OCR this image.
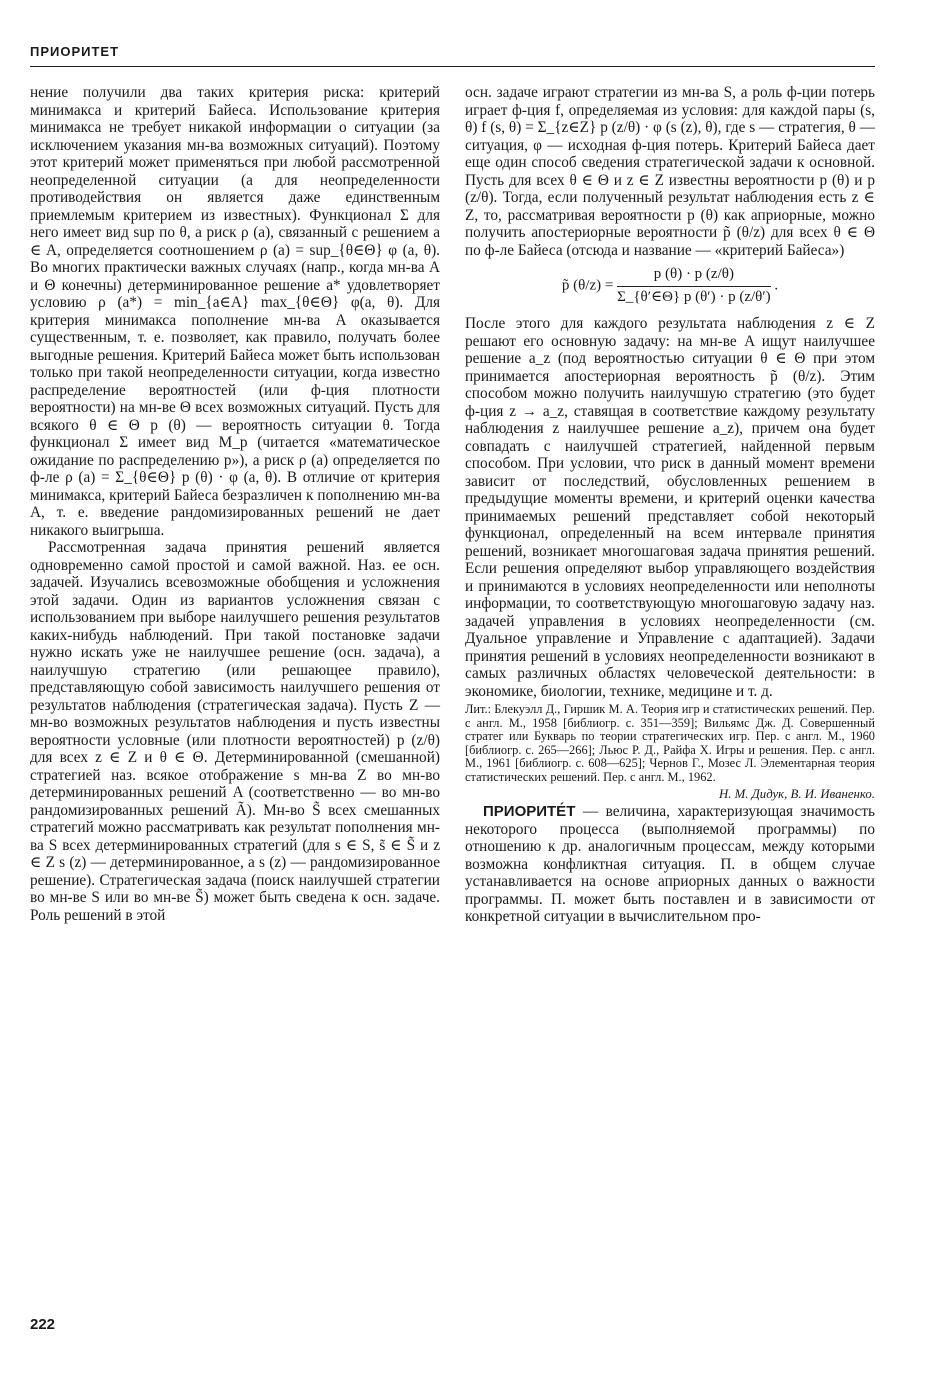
ПРИОРИТЕТ

нение получили два таких критерия риска: критерий минимакса и критерий Байеса. Использование критерия минимакса не требует никакой информации о ситуации (за исключением указания мн-ва возможных ситуаций). Поэтому этот критерий может применяться при любой рассмотренной неопределенной ситуации (а для неопределенности противодействия он является даже единственным приемлемым критерием из известных). Функционал Σ для него имеет вид sup по θ, а риск ρ (a), связанный с решением a ∈ A, определяется соотношением ρ (a) = sup_{θ∈Θ} φ (a, θ). Во многих практически важных случаях (напр., когда мн-ва A и Θ конечны) детерминированное решение a* удовлетворяет условию ρ (a*) = min_{a∈A} max_{θ∈Θ} φ(a, θ). Для критерия минимакса пополнение мн-ва A оказывается существенным, т. е. позволяет, как правило, получать более выгодные решения. Критерий Байеса может быть использован только при такой неопределенности ситуации, когда известно распределение вероятностей (или ф-ция плотности вероятности) на мн-ве Θ всех возможных ситуаций. Пусть для всякого θ ∈ Θ p (θ) — вероятность ситуации θ. Тогда функционал Σ имеет вид M_p (читается «математическое ожидание по распределению p»), а риск ρ (a) определяется по ф-ле ρ (a) = Σ_{θ∈Θ} p (θ) · φ (a, θ). В отличие от критерия минимакса, критерий Байеса безразличен к пополнению мн-ва A, т. е. введение рандомизированных решений не дает никакого выигрыша.

Рассмотренная задача принятия решений является одновременно самой простой и самой важной. Наз. ее осн. задачей. Изучались всевозможные обобщения и усложнения этой задачи. Один из вариантов усложнения связан с использованием при выборе наилучшего решения результатов каких-нибудь наблюдений. При такой постановке задачи нужно искать уже не наилучшее решение (осн. задача), а наилучшую стратегию (или решающее правило), представляющую собой зависимость наилучшего решения от результатов наблюдения (стратегическая задача). Пусть Z — мн-во возможных результатов наблюдения и пусть известны вероятности условные (или плотности вероятностей) p (z/θ) для всех z ∈ Z и θ ∈ Θ. Детерминированной (смешанной) стратегией наз. всякое отображение s мн-ва Z во мн-во детерминированных решений A (соответственно — во мн-во рандомизированных решений Ã). Мн-во S̃ всех смешанных стратегий можно рассматривать как результат пополнения мн-ва S всех детерминированных стратегий (для s ∈ S, s̃ ∈ S̃ и z ∈ Z s (z) — детерминированное, а s (z) — рандомизированное решение). Стратегическая задача (поиск наилучшей стратегии во мн-ве S или во мн-ве S̃) может быть сведена к осн. задаче. Роль решений в этой

осн. задаче играют стратегии из мн-ва S, а роль ф-ции потерь играет ф-ция f, определяемая из условия: для каждой пары (s, θ) f (s, θ) = Σ_{z∈Z} p (z/θ) · φ (s (z), θ), где s — стратегия, θ — ситуация, φ — исходная ф-ция потерь. Критерий Байеса дает еще один способ сведения стратегической задачи к основной. Пусть для всех θ ∈ Θ и z ∈ Z известны вероятности p (θ) и p (z/θ). Тогда, если полученный результат наблюдения есть z ∈ Z, то, рассматривая вероятности p (θ) как априорные, можно получить апостериорные вероятности p̃ (θ/z) для всех θ ∈ Θ по ф-ле Байеса (отсюда и название — «критерий Байеса»)

p̃ $(\theta/z) = \frac{p (\theta) \cdot p (z/\theta)}{\Sigma\_\{\theta'\in\Theta\} p (\theta') \cdot p (z/\theta')}$ .

После этого для каждого результата наблюдения z ∈ Z решают его основную задачу: на мн-ве A ищут наилучшее решение a_z (под вероятностью ситуации θ ∈ Θ при этом принимается апостериорная вероятность p̃ (θ/z). Этим способом можно получить наилучшую стратегию (это будет ф-ция z → a_z, ставящая в соответствие каждому результату наблюдения z наилучшее решение a_z), причем она будет совпадать с наилучшей стратегией, найденной первым способом. При условии, что риск в данный момент времени зависит от последствий, обусловленных решением в предыдущие моменты времени, и критерий оценки качества принимаемых решений представляет собой некоторый функционал, определенный на всем интервале принятия решений, возникает многошаговая задача принятия решений. Если решения определяют выбор управляющего воздействия и принимаются в условиях неопределенности или неполноты информации, то соответствующую многошаговую задачу наз. задачей управления в условиях неопределенности (см. Дуальное управление и Управление с адаптацией). Задачи принятия решений в условиях неопределенности возникают в самых различных областях человеческой деятельности: в экономике, биологии, технике, медицине и т. д.

Лит.: Блекуэлл Д., Гиршик М. А. Теория игр и статистических решений. Пер. с англ. М., 1958 [библиогр. с. 351—359]; Вильямс Дж. Д. Совершенный стратег или Букварь по теории стратегических игр. Пер. с англ. М., 1960 [библиогр. с. 265—266]; Льюс Р. Д., Райфа Х. Игры и решения. Пер. с англ. М., 1961 [библиогр. с. 608—625]; Чернов Г., Мозес Л. Элементарная теория статистических решений. Пер. с англ. М., 1962.

Н. М. Дидук, В. И. Иваненко.

ПРИОРИТЕ́Т — величина, характеризующая значимость некоторого процесса (выполняемой программы) по отношению к др. аналогичным процессам, между которыми возможна конфликтная ситуация. П. в общем случае устанавливается на основе априорных данных о важности программы. П. может быть поставлен и в зависимости от конкретной ситуации в вычислительном про-

222
